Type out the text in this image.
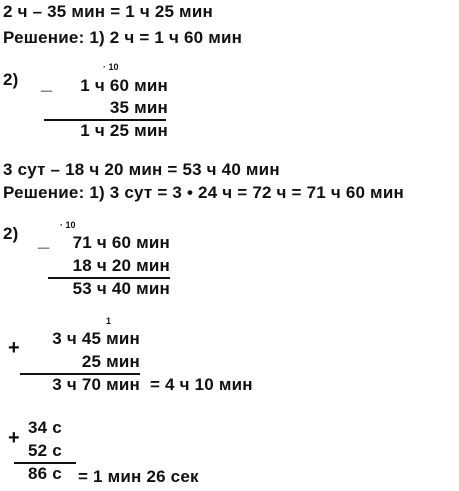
2 ч – 35 мин = 1 ч 25 мин
Решение: 1) 2 ч = 1 ч 60 мин
2) _
· 10
1 ч 60 мин
35 мин
1 ч 25 мин
3 сут – 18 ч 20 мин = 53 ч 40 мин
Решение: 1) 3 сут = 3 • 24 ч = 72 ч = 71 ч 60 мин
2)	· 10
_	71 ч 60 мин
18 ч 20 мин
53 ч 40 мин
1
+	3 ч 45 мин
25 мин
3 ч 70 мин = 4 ч 10 мин
+ 34 с
52 с
86 с = 1 мин 26 сек
